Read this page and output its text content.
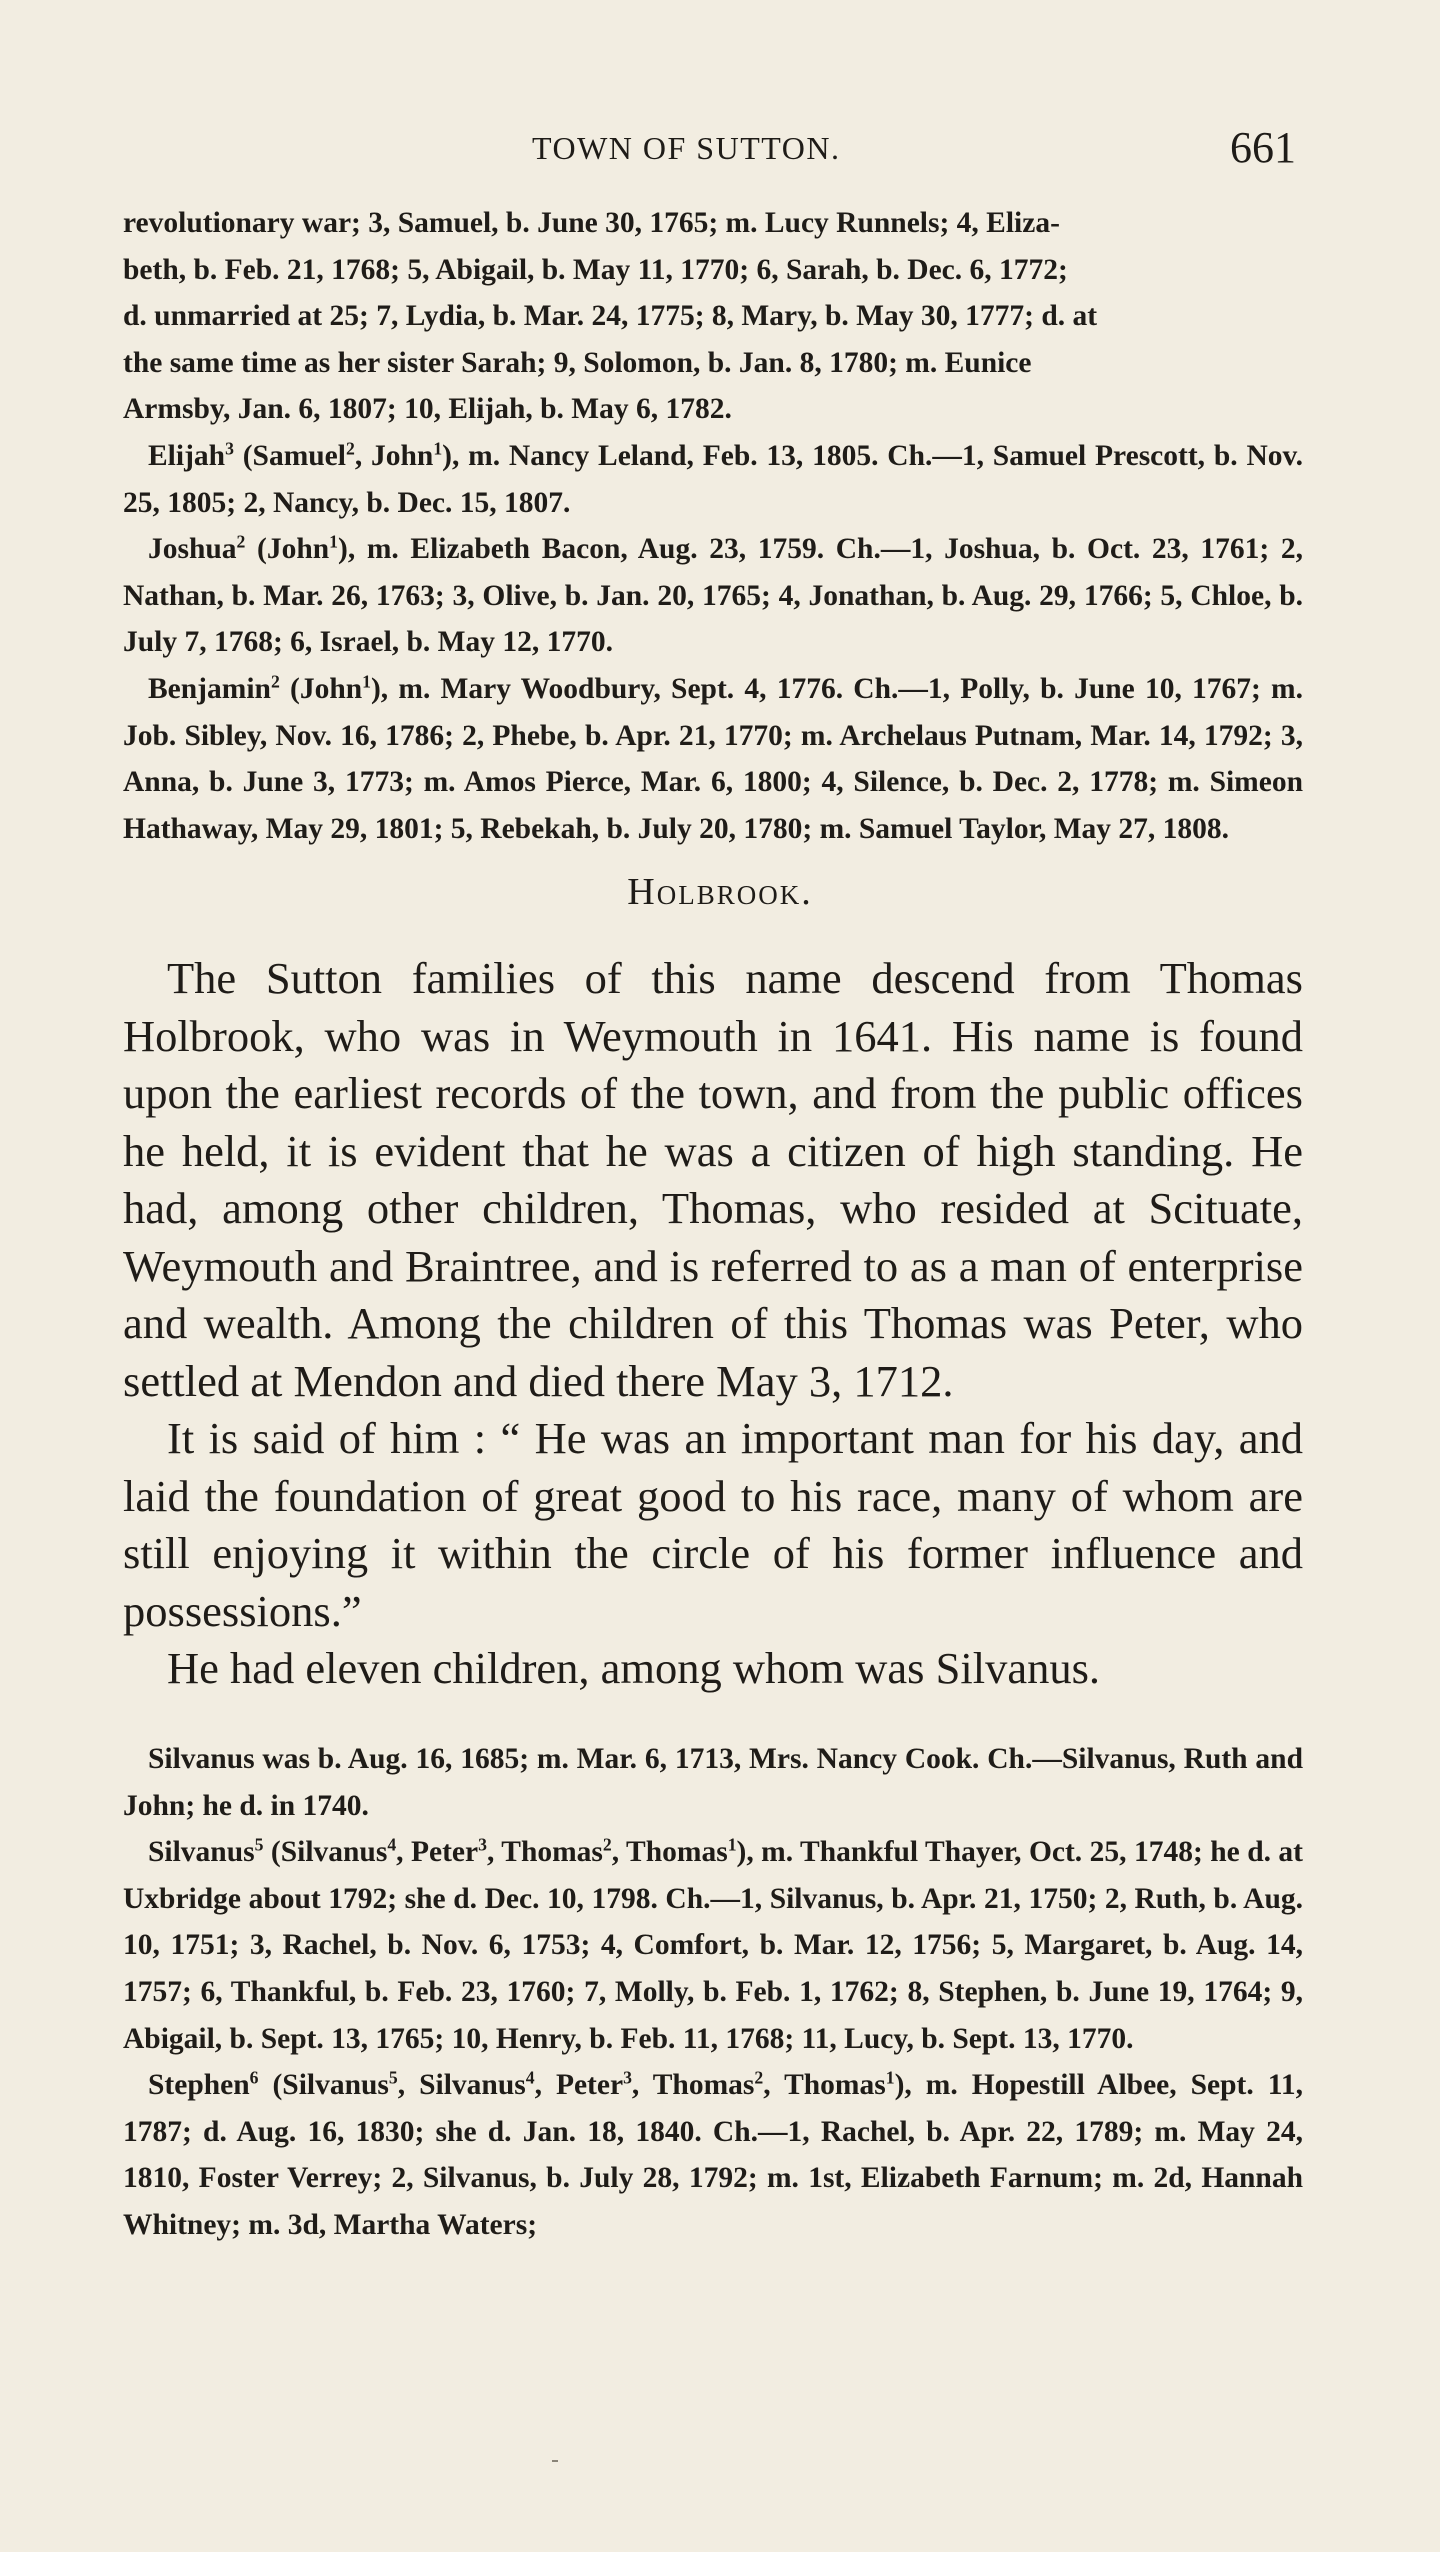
TOWN OF SUTTON.	661

revolutionary war; 3, Samuel, b. June 30, 1765; m. Lucy Runnels; 4, Eliza-
beth, b. Feb. 21, 1768; 5, Abigail, b. May 11, 1770; 6, Sarah, b. Dec. 6, 1772;
d. unmarried at 25; 7, Lydia, b. Mar. 24, 1775; 8, Mary, b. May 30, 1777; d. at
the same time as her sister Sarah; 9, Solomon, b. Jan. 8, 1780; m. Eunice
Armsby, Jan. 6, 1807; 10, Elijah, b. May 6, 1782.

Elijah$^3$ (Samuel$^2$, John$^1$), m. Nancy Leland, Feb. 13, 1805. Ch.—1, Samuel Prescott, b. Nov. 25, 1805; 2, Nancy, b. Dec. 15, 1807.

Joshua$^2$ (John$^1$), m. Elizabeth Bacon, Aug. 23, 1759. Ch.—1, Joshua, b. Oct. 23, 1761; 2, Nathan, b. Mar. 26, 1763; 3, Olive, b. Jan. 20, 1765; 4, Jonathan, b. Aug. 29, 1766; 5, Chloe, b. July 7, 1768; 6, Israel, b. May 12, 1770.

Benjamin$^2$ (John$^1$), m. Mary Woodbury, Sept. 4, 1776. Ch.—1, Polly, b. June 10, 1767; m. Job. Sibley, Nov. 16, 1786; 2, Phebe, b. Apr. 21, 1770; m. Archelaus Putnam, Mar. 14, 1792; 3, Anna, b. June 3, 1773; m. Amos Pierce, Mar. 6, 1800; 4, Silence, b. Dec. 2, 1778; m. Simeon Hathaway, May 29, 1801; 5, Rebekah, b. July 20, 1780; m. Samuel Taylor, May 27, 1808.

Holbrook.

The Sutton families of this name descend from Thomas Holbrook, who was in Weymouth in 1641. His name is found upon the earliest records of the town, and from the public offices he held, it is evident that he was a citizen of high standing. He had, among other children, Thomas, who resided at Scituate, Weymouth and Braintree, and is referred to as a man of enterprise and wealth. Among the children of this Thomas was Peter, who settled at Mendon and died there May 3, 1712.

It is said of him : “ He was an important man for his day, and laid the foundation of great good to his race, many of whom are still enjoying it within the circle of his former influence and possessions.”

He had eleven children, among whom was Silvanus.

Silvanus was b. Aug. 16, 1685; m. Mar. 6, 1713, Mrs. Nancy Cook. Ch.—Silvanus, Ruth and John; he d. in 1740.

Silvanus$^5$ (Silvanus$^4$, Peter$^3$, Thomas$^2$, Thomas$^1$), m. Thankful Thayer, Oct. 25, 1748; he d. at Uxbridge about 1792; she d. Dec. 10, 1798. Ch.—1, Silvanus, b. Apr. 21, 1750; 2, Ruth, b. Aug. 10, 1751; 3, Rachel, b. Nov. 6, 1753; 4, Comfort, b. Mar. 12, 1756; 5, Margaret, b. Aug. 14, 1757; 6, Thankful, b. Feb. 23, 1760; 7, Molly, b. Feb. 1, 1762; 8, Stephen, b. June 19, 1764; 9, Abigail, b. Sept. 13, 1765; 10, Henry, b. Feb. 11, 1768; 11, Lucy, b. Sept. 13, 1770.

Stephen$^6$ (Silvanus$^5$, Silvanus$^4$, Peter$^3$, Thomas$^2$, Thomas$^1$), m. Hopestill Albee, Sept. 11, 1787; d. Aug. 16, 1830; she d. Jan. 18, 1840. Ch.—1, Rachel, b. Apr. 22, 1789; m. May 24, 1810, Foster Verrey; 2, Silvanus, b. July 28, 1792; m. 1st, Elizabeth Farnum; m. 2d, Hannah Whitney; m. 3d, Martha Waters;
